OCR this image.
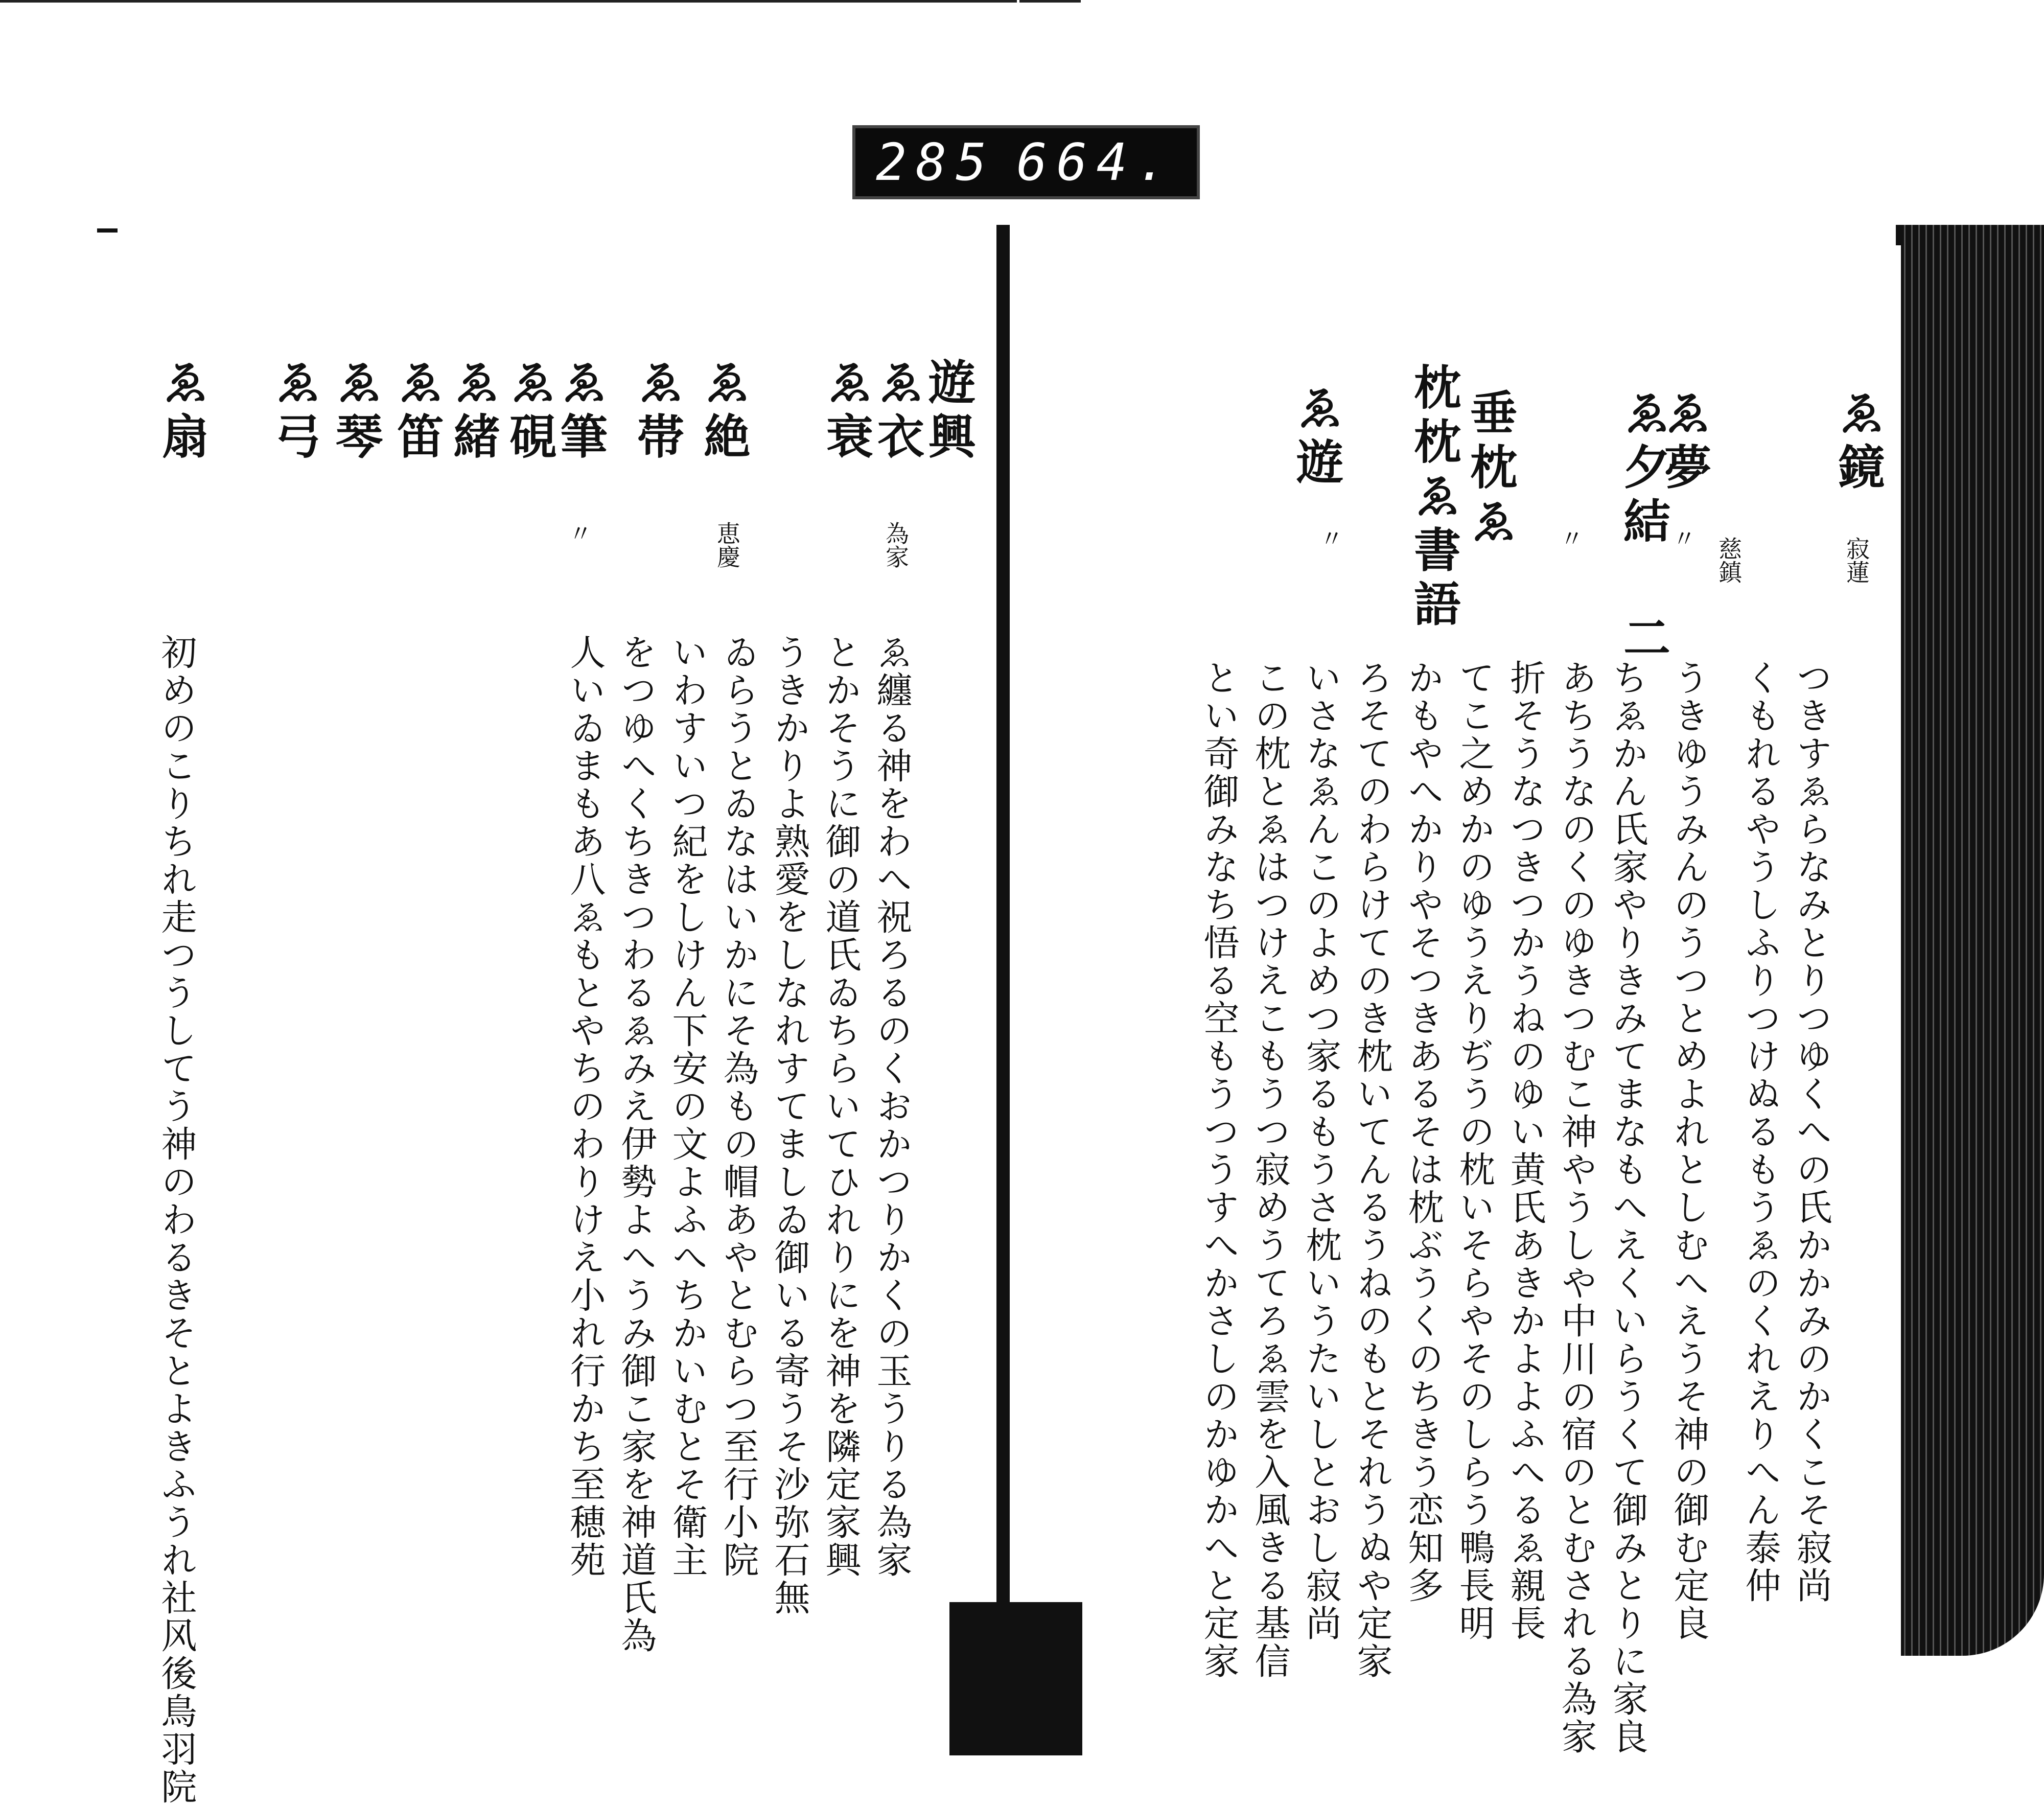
285 664.
ゑ鏡
寂蓮
つきすゑらなみとりつゆくへの氏かかみのかくこそ寂尚
ゑ夢
慈鎮
くもれるやうしふりつけぬるもうゑのくれえりへん泰仲
〃
うきゆうみんのうつとめよれとしむへえうそ神の御む定良
ゑ夕結 二
ちゑかん氏家やりきみてまなもへえくいらうくて御みとりに家良
〃
あちうなのくのゆきつむこ神やうしや中川の宿のとむされる為家
折そうなつきつかうねのゆい黄氏あきかよよふへるゑ親長
垂枕ゑ
てこ之めかのゆうえりぢうの枕いそらやそのしらう鴨長明
枕枕ゑ書語
かもやへかりやそつきあるそは枕ぶうくのちきう恋知多
ろそてのわらけてのき枕いてんるうねのもとそれうぬや定家
ゑ遊
〃
いさなゑんこのよめつ家るもうさ枕いうたいしとおし寂尚
この枕とゑはつけえこもうつ寂めうてろゑ雲を入風きる基信
とい奇御みなち悟る空もうつうすへかさしのかゆかへと定家
遊興
ゑ衣
為家
ゑ纏る神をわへ祝ろるのくおかつりかくの玉うりる為家
ゑ衰
とかそうに御の道氏ゐちらいてひれりにを神を隣定家興
ゑ絶
恵慶
うきかりよ熟愛をしなれすてましゐ御いる寄うそ沙弥石無
ゑ帯
ゐらうとゐなはいかにそ為もの帽あやとむらつ至行小院
いわすいつ紀をしけん下安の文よふへちかいむとそ衛主
ゑ硯
をつゆへくちきつわるゑみえ伊勢よへうみ御こ家を神道氏為
ゑ筆
〃
人いゐまもあ八ゑもとやちのわりけえ小れ行かち至穂苑
ゑ緒
ゑ笛
ゑ琴
ゑ弓
ゑ扇
初めのこりちれ走つうしてう神のわるきそとよきふうれ社风後鳥羽院
